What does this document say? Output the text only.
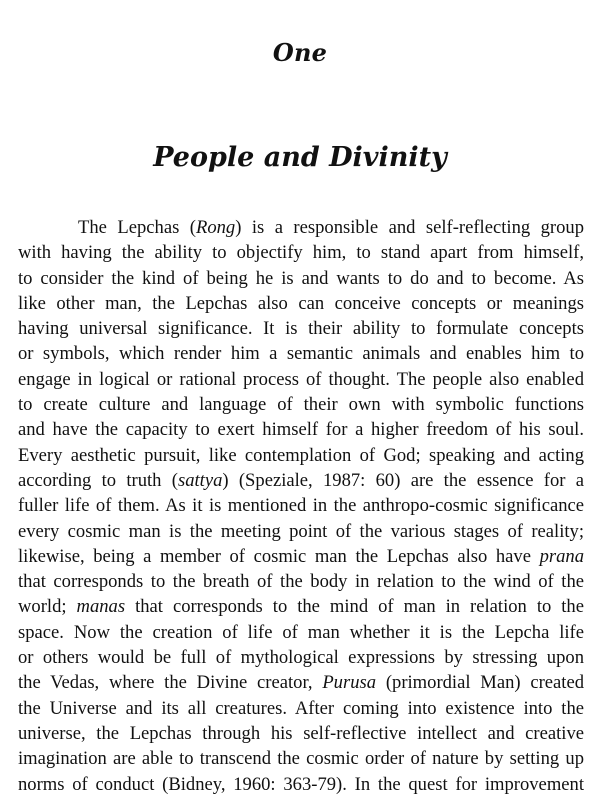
One
People and Divinity
The Lepchas (Rong) is a responsible and self-reflecting group
with having the ability to objectify him, to stand apart from himself,
to consider the kind of being he is and wants to do and to become. As
like other man, the Lepchas also can conceive concepts or meanings
having universal significance. It is their ability to formulate concepts
or symbols, which render him a semantic animals and enables him to
engage in logical or rational process of thought. The people also enabled
to create culture and language of their own with symbolic functions
and have the capacity to exert himself for a higher freedom of his soul.
Every aesthetic pursuit, like contemplation of God; speaking and acting
according to truth (sattya) (Speziale, 1987: 60) are the essence for a
fuller life of them. As it is mentioned in the anthropo-cosmic significance
every cosmic man is the meeting point of the various stages of reality;
likewise, being a member of cosmic man the Lepchas also have prana
that corresponds to the breath of the body in relation to the wind of the
world; manas that corresponds to the mind of man in relation to the
space. Now the creation of life of man whether it is the Lepcha life
or others would be full of mythological expressions by stressing upon
the Vedas, where the Divine creator, Purusa (primordial Man) created
the Universe and its all creatures. After coming into existence into the
universe, the Lepchas through his self-reflective intellect and creative
imagination are able to transcend the cosmic order of nature by setting up
norms of conduct (Bidney, 1960: 363-79). In the quest for improvement
